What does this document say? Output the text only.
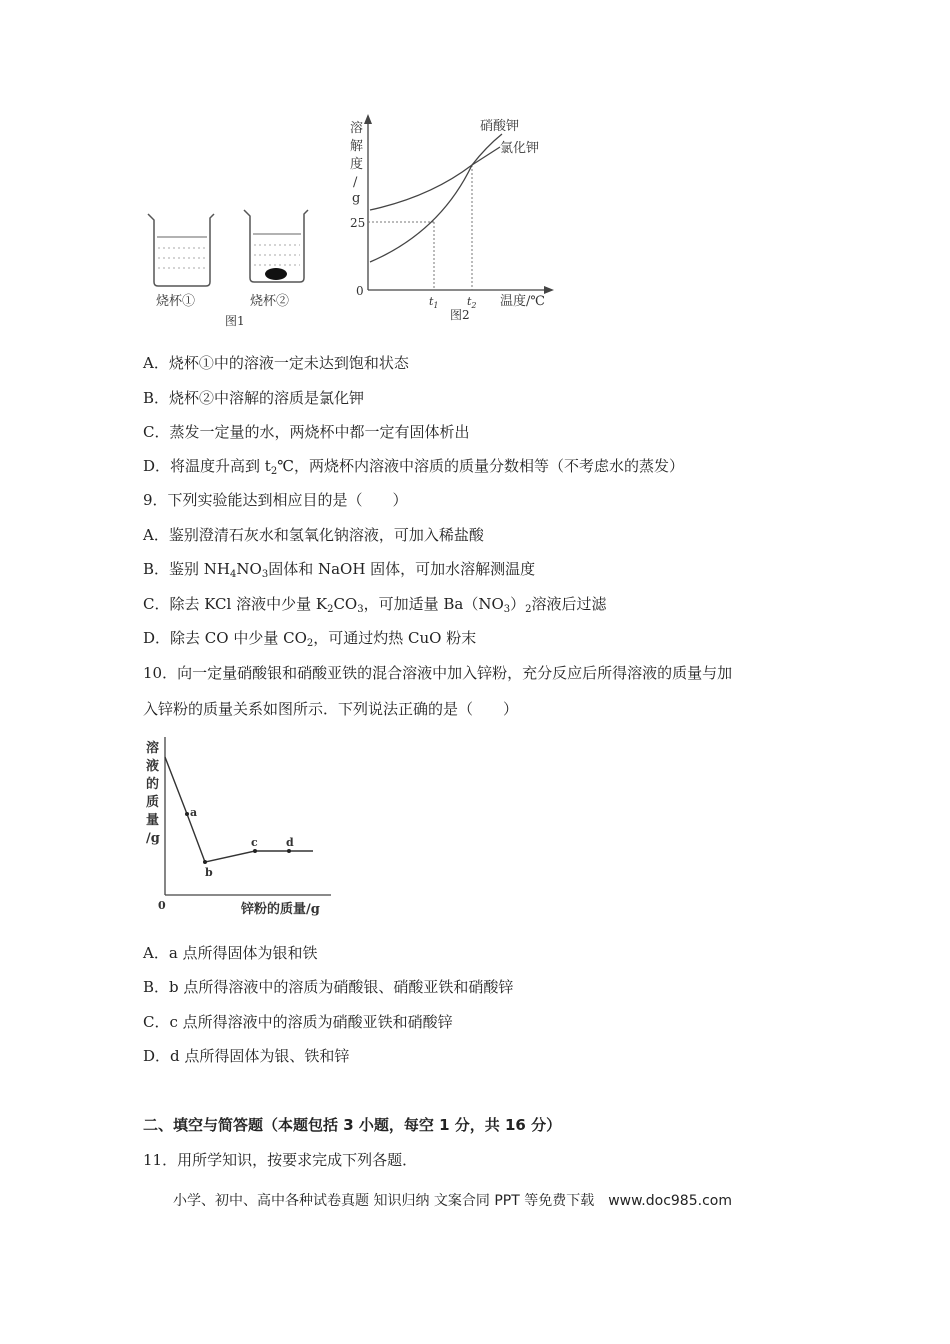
烧杯①	烧杯②
图1
溶
解
度
/
g
25
0
硝酸钾
氯化钾
$t_1$	$t_2$ 温度/℃
图2
A．烧杯①中的溶液一定未达到饱和状态
B．烧杯②中溶解的溶质是氯化钾
C．蒸发一定量的水，两烧杯中都一定有固体析出
D．将温度升高到 $t_2℃$，两烧杯内溶液中溶质的质量分数相等（不考虑水的蒸发）
9．下列实验能达到相应目的是（　　）
A．鉴别澄清石灰水和氢氧化钠溶液，可加入稀盐酸
B．鉴别 $NH_4NO_3$固体和 NaOH 固体，可加水溶解测温度
C．除去 KCl 溶液中少量 $K_2CO_3$，可加适量 $Ba(NO_3)_2$溶液后过滤
D．除去 CO 中少量 $CO_2$，可通过灼热 CuO 粉末
10．向一定量硝酸银和硝酸亚铁的混合溶液中加入锌粉，充分反应后所得溶液的质量与加
入锌粉的质量关系如图所示．下列说法正确的是（　　）
溶
液
的
质
量
/g
0
a
b
c	d
锌粉的质量/g
A．a 点所得固体为银和铁
B．b 点所得溶液中的溶质为硝酸银、硝酸亚铁和硝酸锌
C．c 点所得溶液中的溶质为硝酸亚铁和硝酸锌
D．d 点所得固体为银、铁和锌
二、填空与简答题（本题包括 3 小题，每空 1 分，共 16 分）
11．用所学知识，按要求完成下列各题．
小学、初中、高中各种试卷真题 知识归纳 文案合同 PPT 等免费下载　www.doc985.com
